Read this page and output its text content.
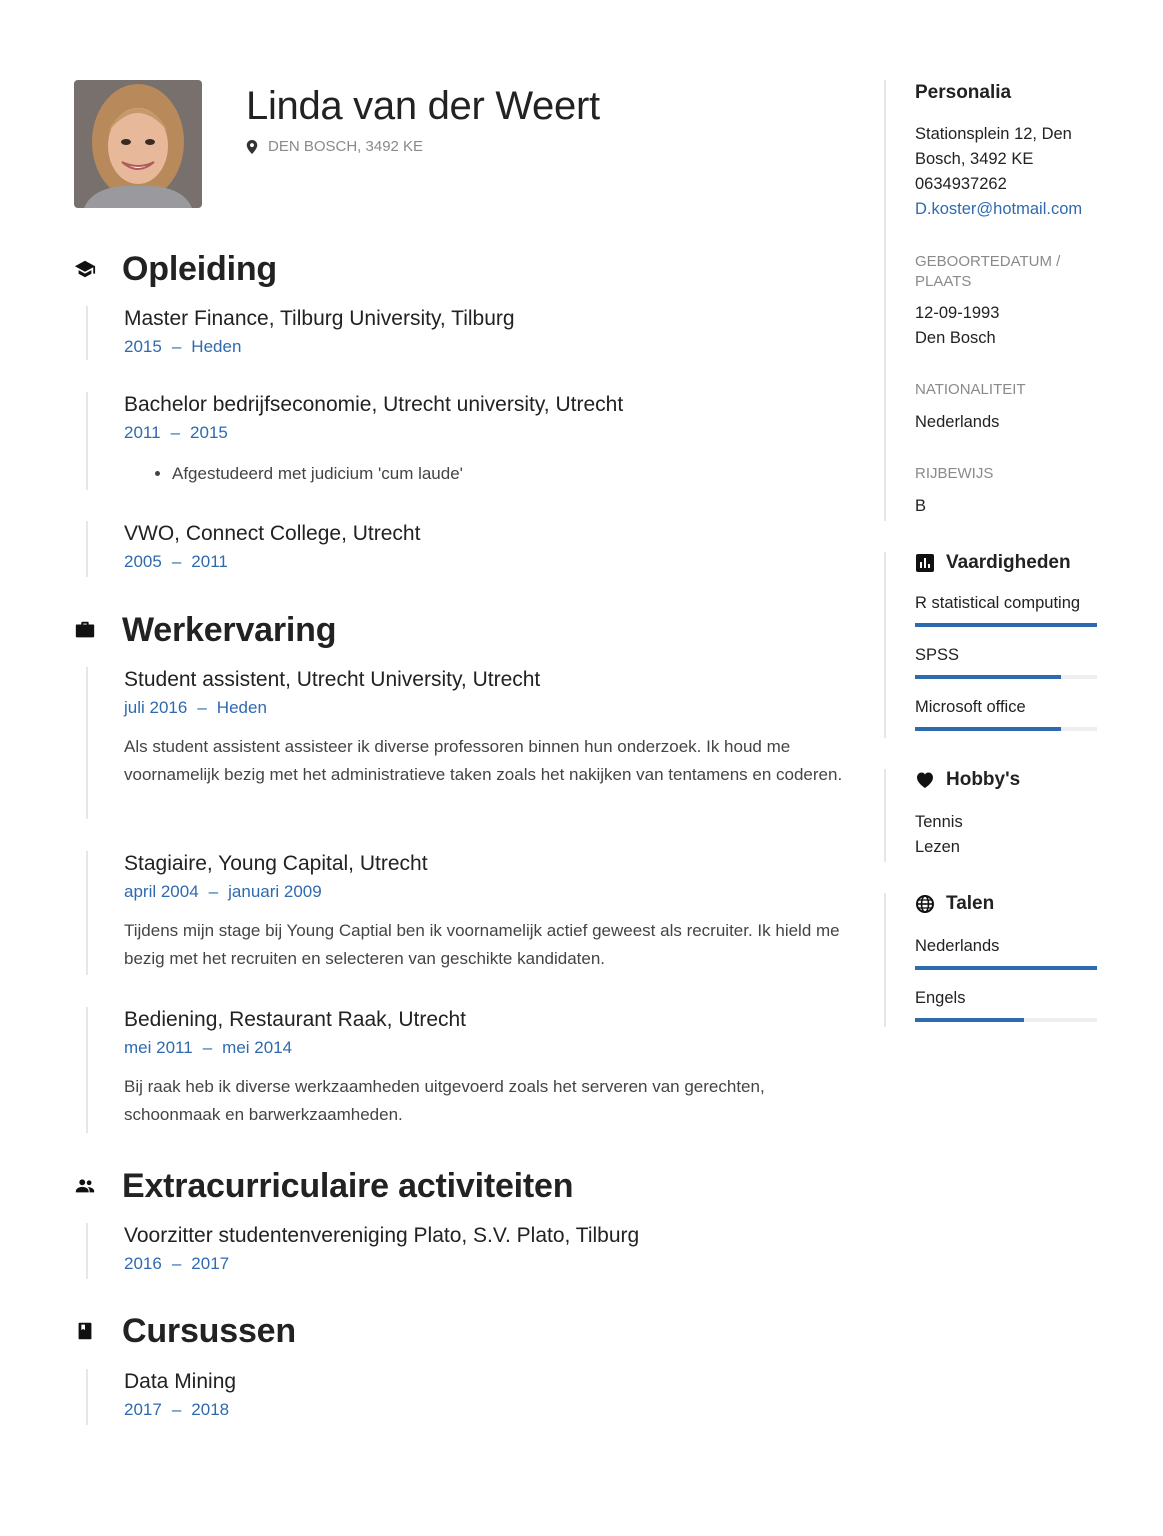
Linda van der Weert
DEN BOSCH, 3492 KE
Opleiding
Master Finance, Tilburg University, Tilburg
2015 – Heden
Bachelor bedrijfseconomie, Utrecht university, Utrecht
2011 – 2015
• Afgestudeerd met judicium 'cum laude'
VWO, Connect College, Utrecht
2005 – 2011
Werkervaring
Student assistent, Utrecht University, Utrecht
juli 2016 – Heden
Als student assistent assisteer ik diverse professoren binnen hun onderzoek. Ik houd me voornamelijk bezig met het administratieve taken zoals het nakijken van tentamens en coderen.
Stagiaire, Young Capital, Utrecht
april 2004 – januari 2009
Tijdens mijn stage bij Young Captial ben ik voornamelijk actief geweest als recruiter. Ik hield me bezig met het recruiten en selecteren van geschikte kandidaten.
Bediening, Restaurant Raak, Utrecht
mei 2011 – mei 2014
Bij raak heb ik diverse werkzaamheden uitgevoerd zoals het serveren van gerechten, schoonmaak en barwerkzaamheden.
Extracurriculaire activiteiten
Voorzitter studentenvereniging Plato, S.V. Plato, Tilburg
2016 – 2017
Cursussen
Data Mining
2017 – 2018
Personalia
Stationsplein 12, Den
Bosch, 3492 KE
0634937262
D.koster@hotmail.com
GEBOORTEDATUM / PLAATS
12-09-1993
Den Bosch
NATIONALITEIT
Nederlands
RIJBEWIJS
B
Vaardigheden
R statistical computing
SPSS
Microsoft office
Hobby's
Tennis
Lezen
Talen
Nederlands
Engels
